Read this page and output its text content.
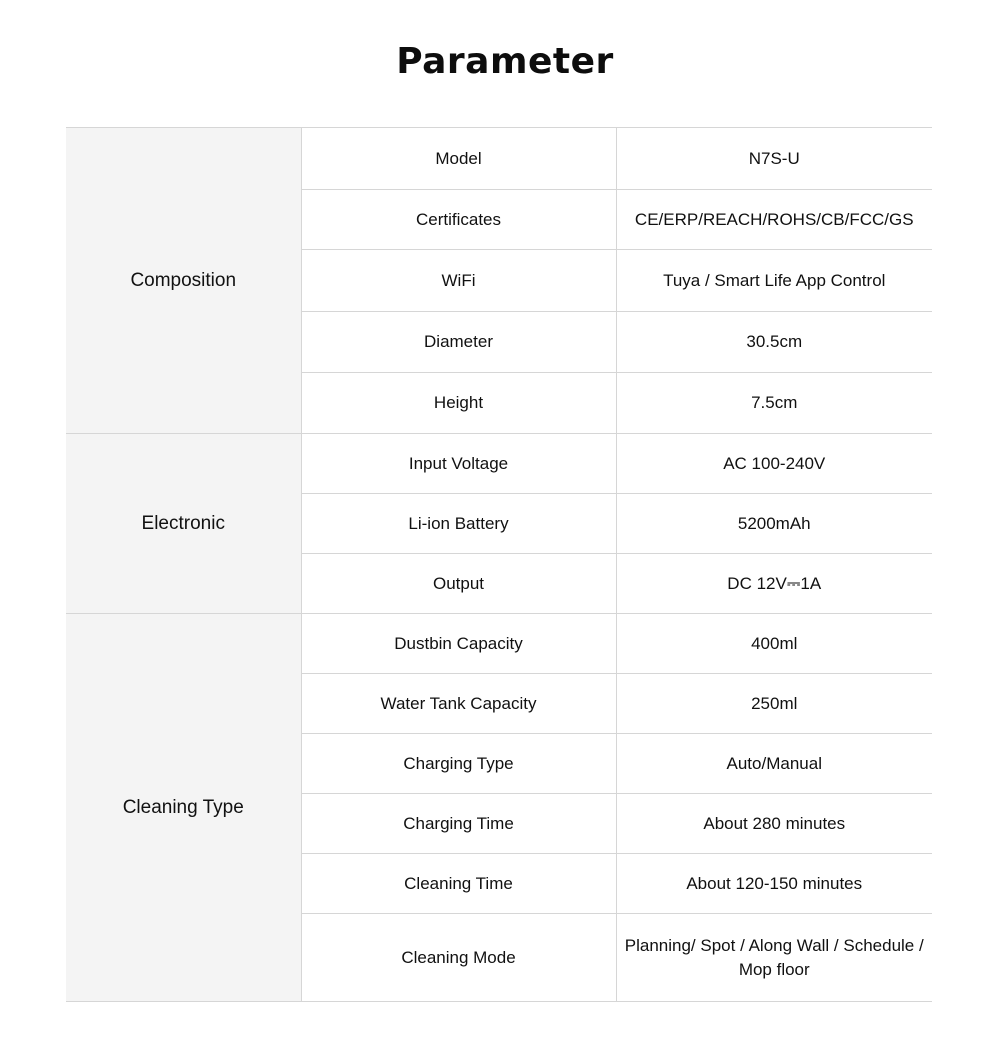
Parameter
Composition	Model	N7S-U
	Certificates	CE/ERP/REACH/ROHS/CB/FCC/GS
	WiFi	Tuya / Smart Life App Control
	Diameter	30.5cm
	Height	7.5cm
Electronic	Input Voltage	AC 100-240V
	Li-ion Battery	5200mAh
	Output	DC 12V⎓1A
Cleaning Type	Dustbin Capacity	400ml
	Water Tank Capacity	250ml
	Charging Type	Auto/Manual
	Charging Time	About 280 minutes
	Cleaning Time	About 120-150 minutes
	Cleaning Mode	Planning/ Spot / Along Wall / Schedule / Mop floor
